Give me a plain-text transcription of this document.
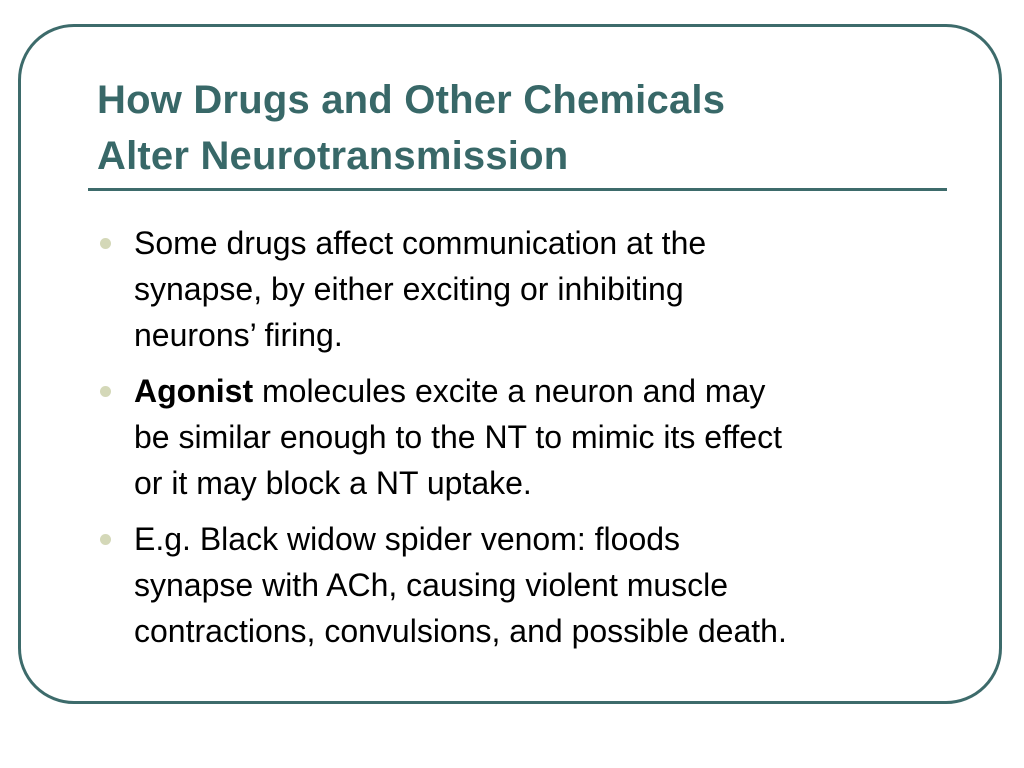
How Drugs and Other Chemicals
Alter Neurotransmission
Some drugs affect communication at the
synapse, by either exciting or inhibiting
neurons’ firing.
Agonist molecules excite a neuron and may
be similar enough to the NT to mimic its effect
or it may block a NT uptake.
E.g. Black widow spider venom: floods
synapse with ACh, causing violent muscle
contractions, convulsions, and possible death.
